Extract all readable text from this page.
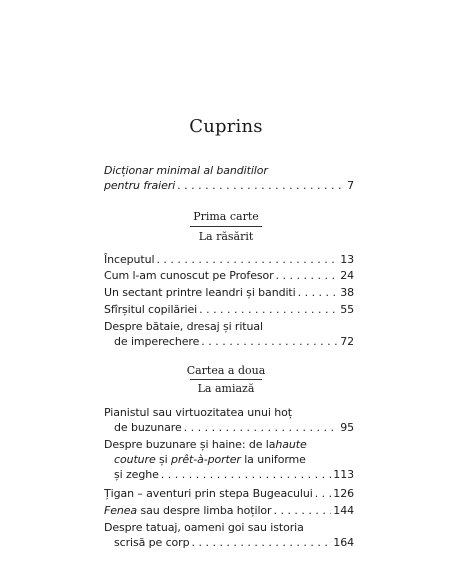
Cuprins
Dicționar minimal al banditilor
pentru fraieri . . .	7
Prima carte
La răsărit
Începutul . . .	13
Cum l-am cunoscut pe Profesor . . .	24
Un sectant printre leandri și banditi . . .	38
Sfîrșitul copilăriei . . .	55
Despre bătaie, dresaj și ritual
de imperechere . . .	72
Cartea a doua
La amiază
Pianistul sau virtuozitatea unui hoț
de buzunare . . .	95
Despre buzunare și haine: de la haute
couture și prêt-à-porter la uniforme
și zeghe . . .	113
Țigan – aventuri prin stepa Bugeacului . . . 126
Fenea sau despre limba hoților . . .	144
Despre tatuaj, oameni goi sau istoria
scrisă pe corp . . .	164
